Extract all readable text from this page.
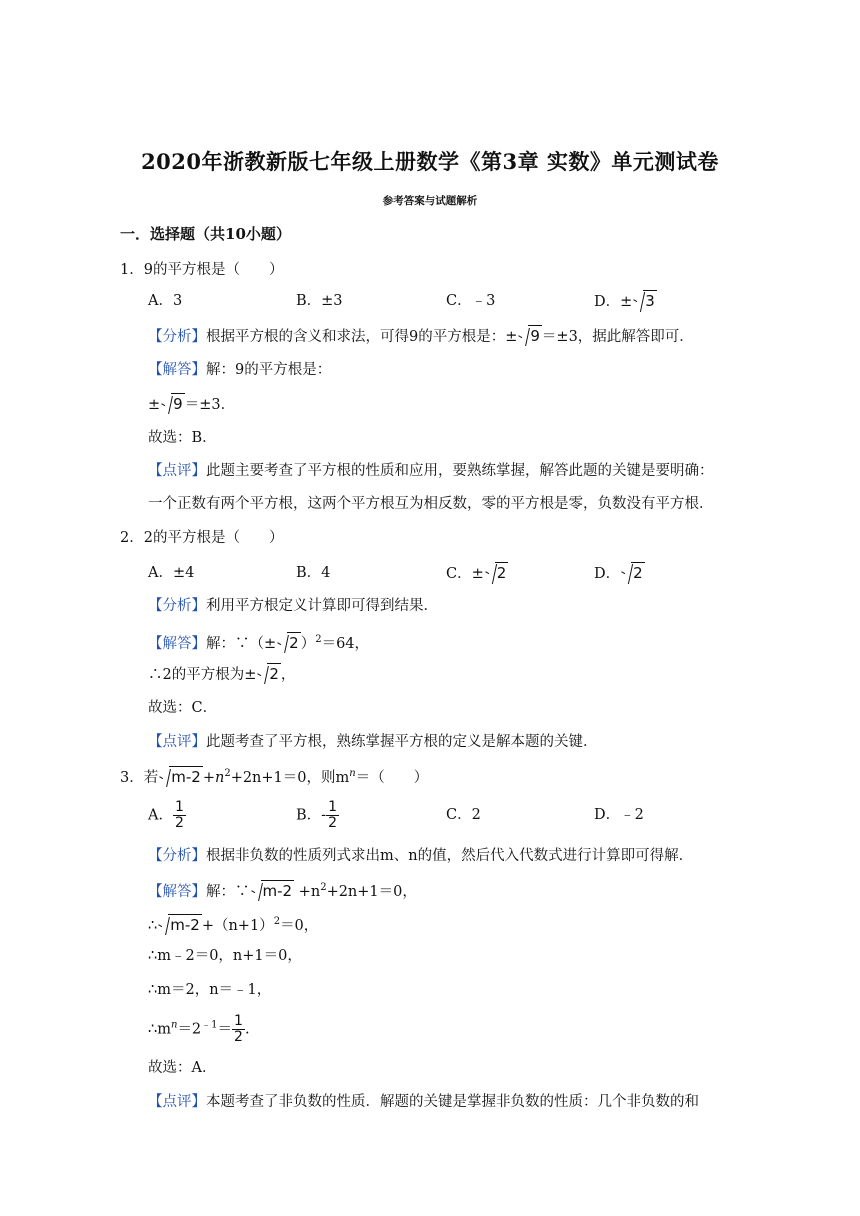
2020年浙教新版七年级上册数学《第3章 实数》单元测试卷
参考答案与试题解析
一．选择题（共10小题）
1．9的平方根是（　　）
A．3	B．±3	C．﹣3	D．± 3
【分析】根据平方根的含义和求法，可得9的平方根是：± 9 ＝±3，据此解答即可．
【解答】解：9的平方根是：
± 9 ＝±3．
故选：B．
【点评】此题主要考查了平方根的性质和应用，要熟练掌握，解答此题的关键是要明确：
一个正数有两个平方根，这两个平方根互为相反数，零的平方根是零，负数没有平方根．
2．2的平方根是（　　）
A．±4	B．4	C．± 2	D． 2
【分析】利用平方根定义计算即可得到结果．
【解答】解：∵（± 2 ）$^2$＝64，
∴2的平方根为± 2 ，
故选：C．
【点评】此题考查了平方根，熟练掌握平方根的定义是解本题的关键．
3．若 $m-2 +n^2+2n+1=0$，则$m^n=$（　　）
A． $\frac{1}{2}$	B．- $\frac{1}{2}$	C．2	D．﹣2
【分析】根据非负数的性质列式求出m、n的值，然后代入代数式进行计算即可得解．
【解答】解：∵ $m-2 +n^2+2n+1=0$，
∴ $m-2 +(n+1)^2=0$，
∴m﹣2＝0，n+1＝0，
∴m＝2，n＝﹣1，
$\therefore m^n=2^{﹣1}= \frac{1}{2}$ .
故选：A．
【点评】本题考查了非负数的性质．解题的关键是掌握非负数的性质：几个非负数的和
